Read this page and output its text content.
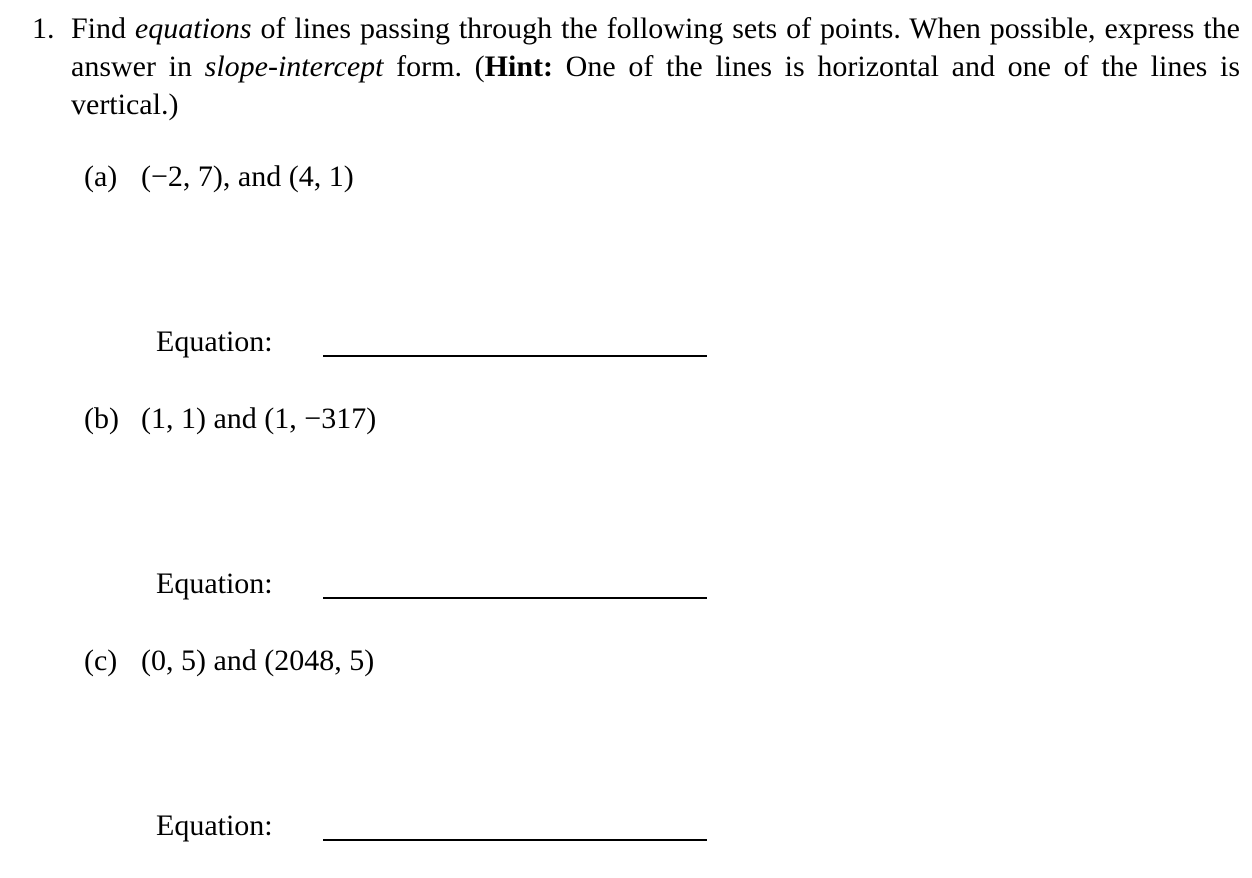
1. Find equations of lines passing through the following sets of points. When possible, express the answer in slope-intercept form. (Hint: One of the lines is horizontal and one of the lines is vertical.)
(a) (−2, 7), and (4, 1)
Equation:
(b) (1, 1) and (1, −317)
Equation:
(c) (0, 5) and (2048, 5)
Equation:
